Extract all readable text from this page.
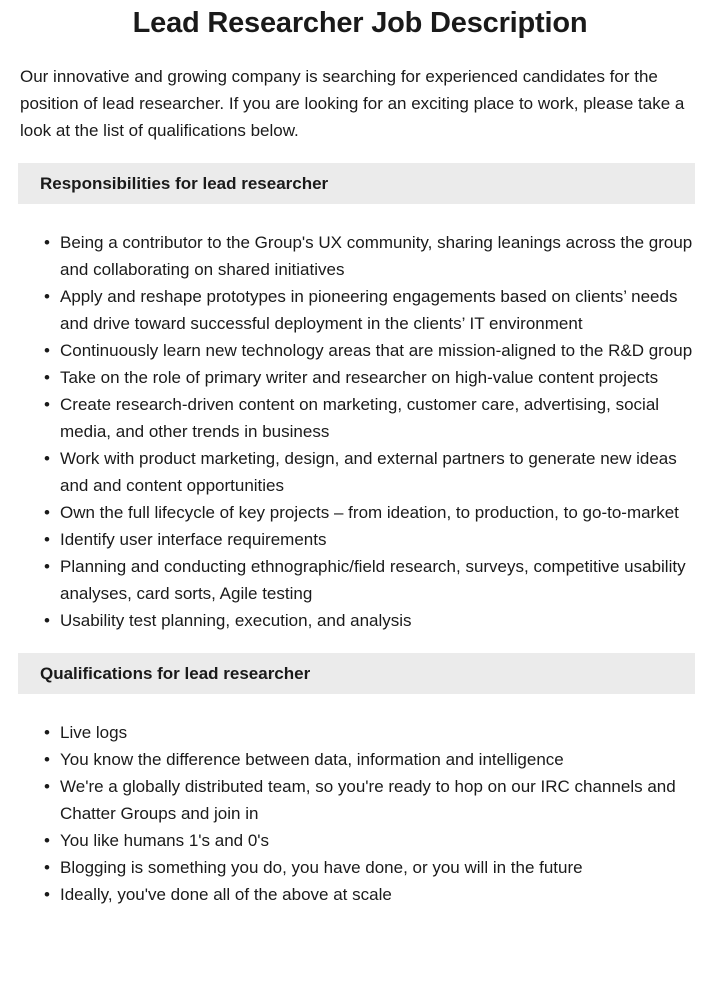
Lead Researcher Job Description

Our innovative and growing company is searching for experienced candidates for the position of lead researcher. If you are looking for an exciting place to work, please take a look at the list of qualifications below.

Responsibilities for lead researcher
• Being a contributor to the Group's UX community, sharing leanings across the group and collaborating on shared initiatives
• Apply and reshape prototypes in pioneering engagements based on clients’ needs and drive toward successful deployment in the clients’ IT environment
• Continuously learn new technology areas that are mission-aligned to the R&D group
• Take on the role of primary writer and researcher on high-value content projects
• Create research-driven content on marketing, customer care, advertising, social media, and other trends in business
• Work with product marketing, design, and external partners to generate new ideas and and content opportunities
• Own the full lifecycle of key projects – from ideation, to production, to go-to-market
• Identify user interface requirements
• Planning and conducting ethnographic/field research, surveys, competitive usability analyses, card sorts, Agile testing
• Usability test planning, execution, and analysis
Qualifications for lead researcher
• Live logs
• You know the difference between data, information and intelligence
• We're a globally distributed team, so you're ready to hop on our IRC channels and Chatter Groups and join in
• You like humans 1's and 0's
• Blogging is something you do, you have done, or you will in the future
• Ideally, you've done all of the above at scale
